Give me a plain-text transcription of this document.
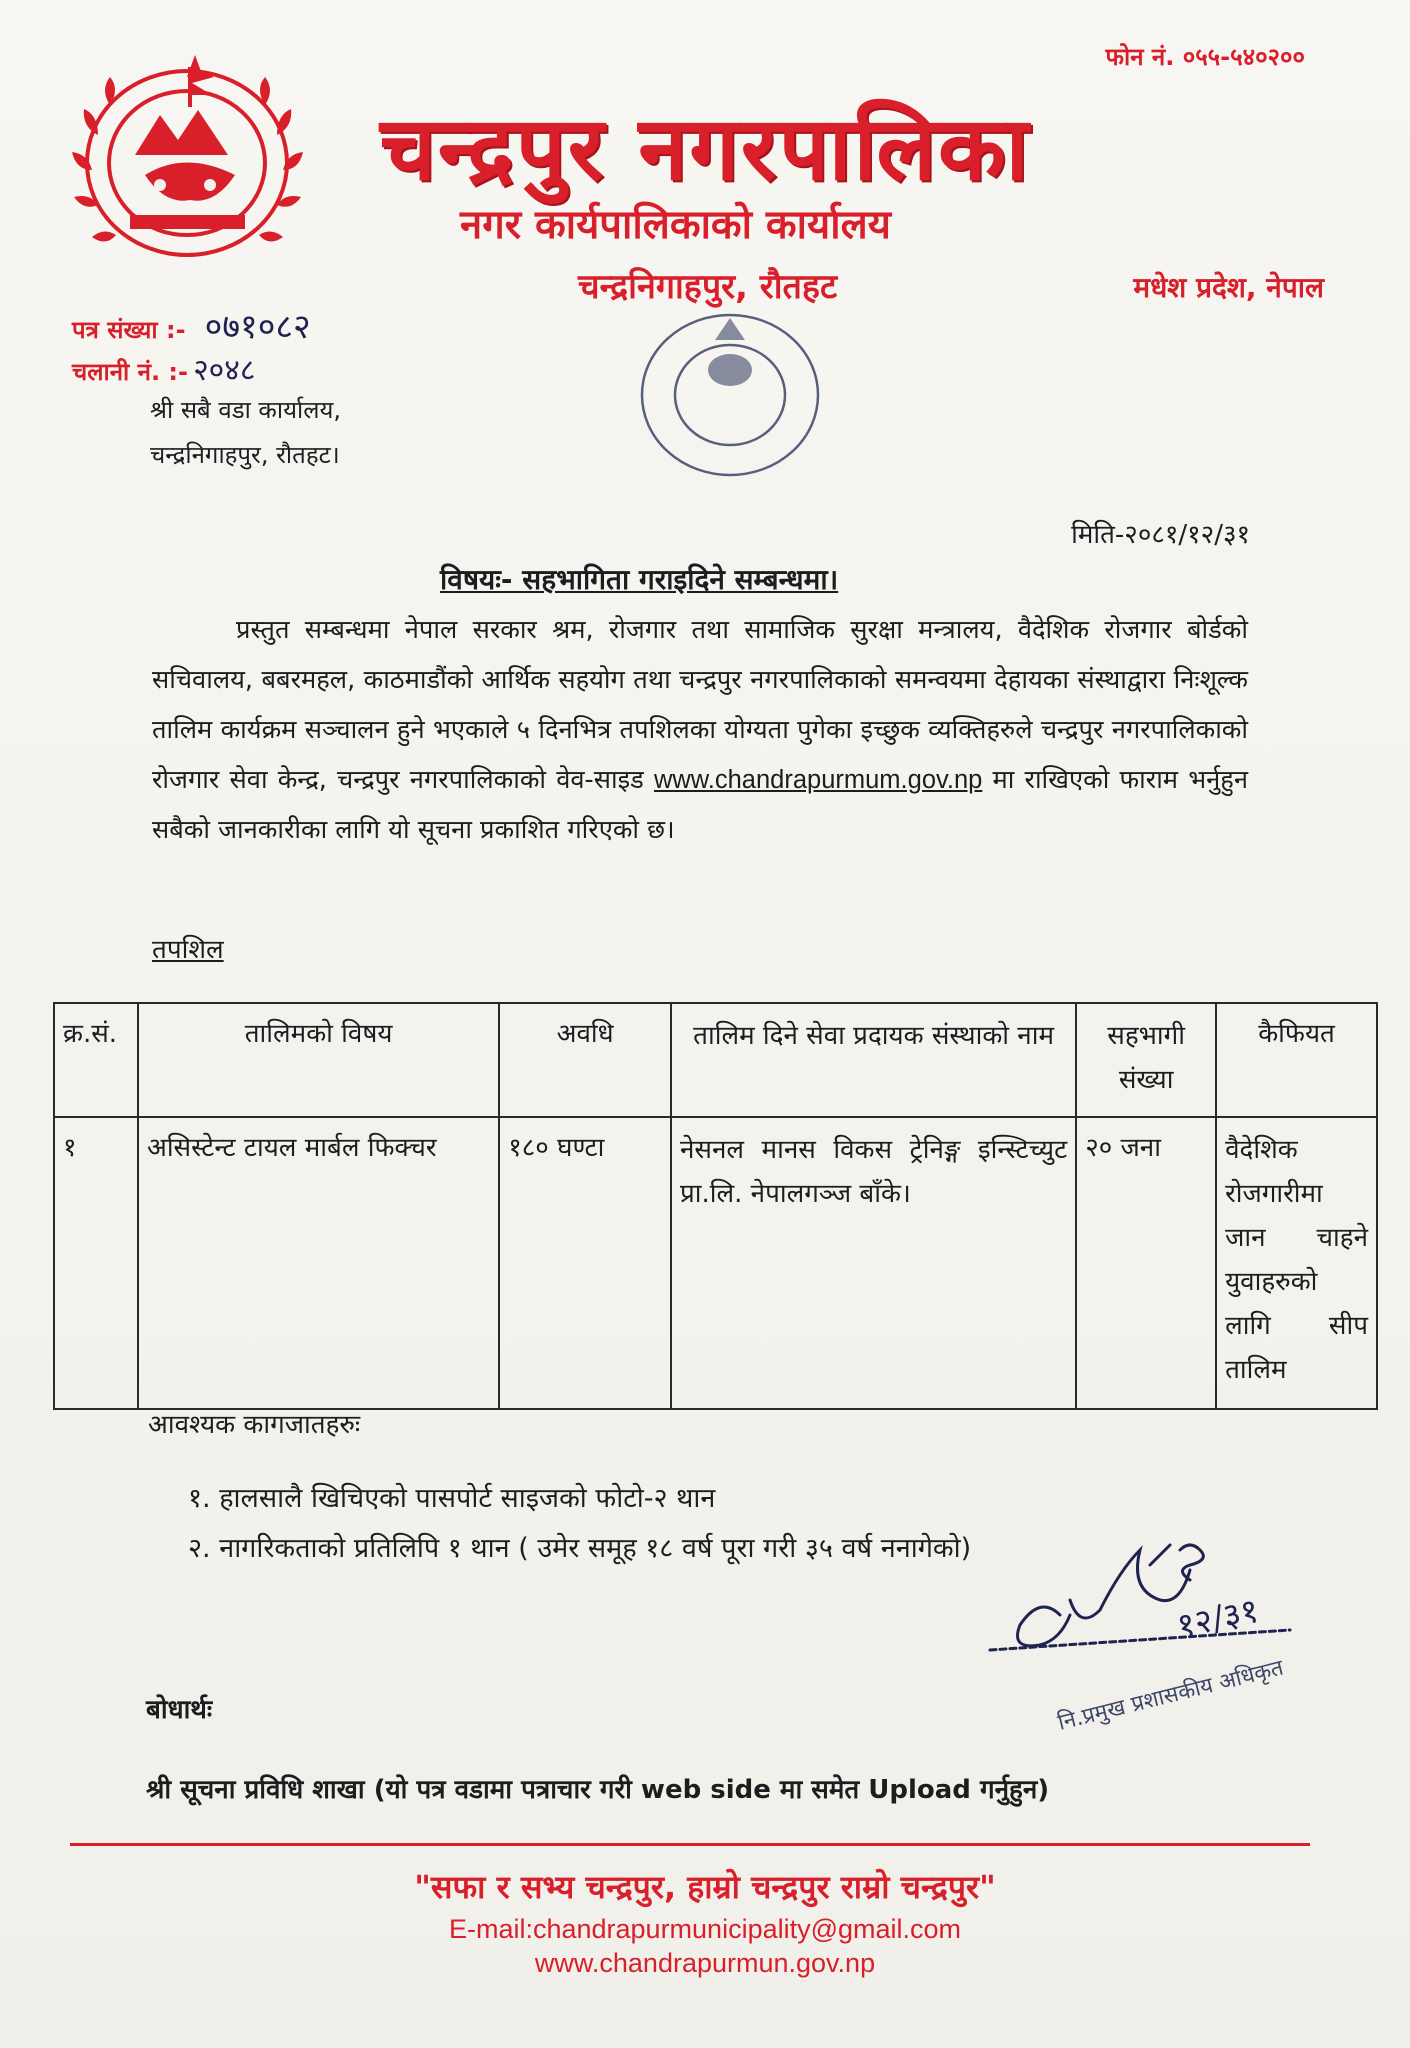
फोन नं. ०५५-५४०२००
चन्द्रपुर नगरपालिका
नगर कार्यपालिकाको कार्यालय
चन्द्रनिगाहपुर, रौतहट	मधेश प्रदेश, नेपाल
पत्र संख्या :- ०७१०८२
चलानी नं. :- २०४८
श्री सबै वडा कार्यालय,
चन्द्रनिगाहपुर, रौतहट।
मिति-२०८१/१२/३१
विषयः- सहभागिता गराइदिने सम्बन्धमा।
प्रस्तुत सम्बन्धमा नेपाल सरकार श्रम, रोजगार तथा सामाजिक सुरक्षा मन्त्रालय, वैदेशिक रोजगार बोर्डको सचिवालय, बबरमहल, काठमाडौंको आर्थिक सहयोग तथा चन्द्रपुर नगरपालिकाको समन्वयमा देहायका संस्थाद्वारा निःशूल्क तालिम कार्यक्रम सञ्चालन हुने भएकाले ५ दिनभित्र तपशिलका योग्यता पुगेका इच्छुक व्यक्तिहरुले चन्द्रपुर नगरपालिकाको रोजगार सेवा केन्द्र, चन्द्रपुर नगरपालिकाको वेव-साइड www.chandrapurmum.gov.np मा राखिएको फाराम भर्नुहुन सबैको जानकारीका लागि यो सूचना प्रकाशित गरिएको छ।
तपशिल
क्र.सं.	तालिमको विषय	अवधि	तालिम दिने सेवा प्रदायक संस्थाको नाम	सहभागी संख्या	कैफियत
१	असिस्टेन्ट टायल मार्बल फिक्चर	१८० घण्टा	नेसनल मानस विकस ट्रेनिङ्ग इन्स्टिच्युट प्रा.लि. नेपालगञ्ज बाँके।	२० जना	वैदेशिक रोजगारीमा जान चाहने युवाहरुको लागि सीप तालिम
आवश्यक कागजातहरुः
१. हालसालै खिचिएको पासपोर्ट साइजको फोटो-२ थान
२. नागरिकताको प्रतिलिपि १ थान ( उमेर समूह १८ वर्ष पूरा गरी ३५ वर्ष ननागेको)
१२/३१
नि.प्रमुख प्रशासकीय अधिकृत
बोधार्थः
श्री सूचना प्रविधि शाखा (यो पत्र वडामा पत्राचार गरी web side मा समेत Upload गर्नुहुन)
"सफा र सभ्य चन्द्रपुर, हाम्रो चन्द्रपुर राम्रो चन्द्रपुर"
E-mail:chandrapurmunicipality@gmail.com
www.chandrapurmun.gov.np
